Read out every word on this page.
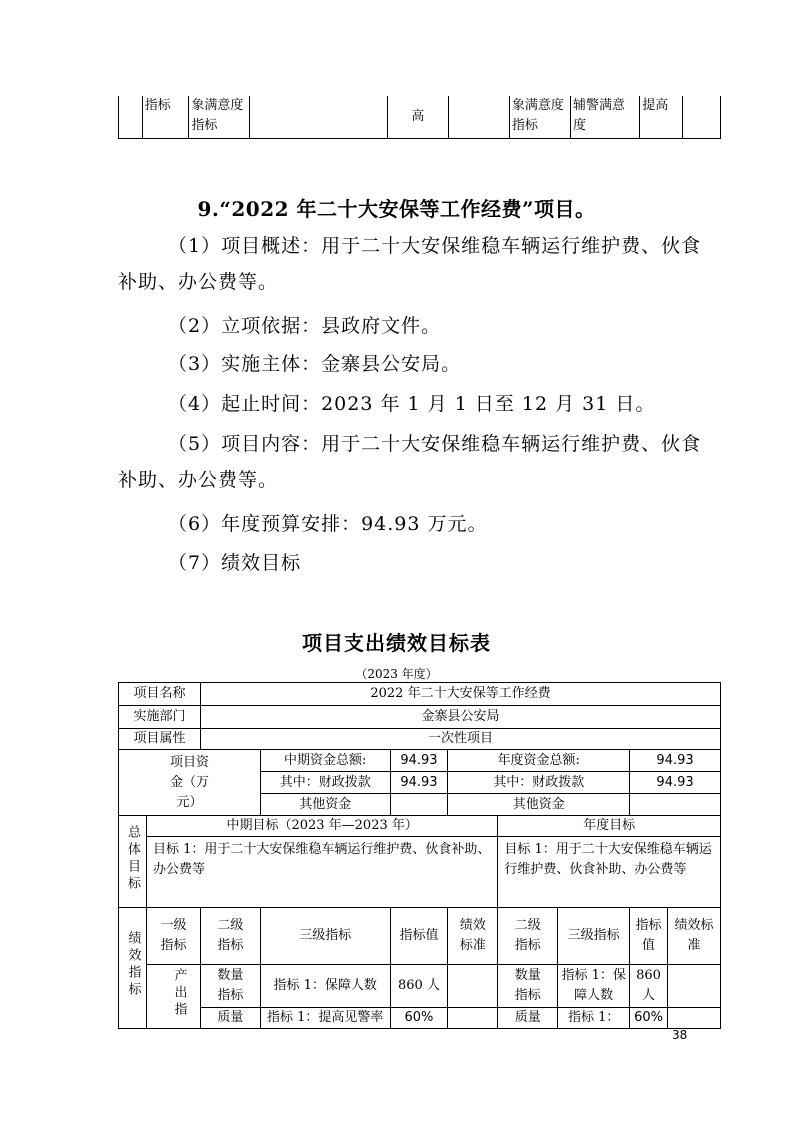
	指标	象满意度指标		高		象满意度指标	辅警满意度	提高	
9.“2022 年二十大安保等工作经费”项目。
（1）项目概述：用于二十大安保维稳车辆运行维护费、伙食补助、办公费等。
（2）立项依据：县政府文件。
（3）实施主体：金寨县公安局。
（4）起止时间：2023 年 1 月 1 日至 12 月 31 日。
（5）项目内容：用于二十大安保维稳车辆运行维护费、伙食补助、办公费等。
（6）年度预算安排：94.93 万元。
（7）绩效目标
项目支出绩效目标表
（2023 年度）
项目名称		2022 年二十大安保等工作经费							
实施部门		金寨县公安局							
项目属性		一次性项目							
项目资金（万元）			中期资金总额:	94.93	年度资金总额:			94.93	
			其中：财政拨款	94.93	其中：财政拨款			94.93	
			其他资金		其他资金				
总体目标	中期目标（2023 年—2023 年）					年度目标			
	目标 1：用于二十大安保维稳车辆运行维护费、伙食补助、办公费等					目标 1：用于二十大安保维稳车辆运行维护费、伙食补助、办公费等			
绩效指标	一级指标	二级指标	三级指标	指标值	绩效标准	二级指标	三级指标	指标值	绩效标准
	产出指	数量指标	指标 1：保障人数	860 人		数量指标	指标 1：保障人数	860 人	
		质量	指标 1：提高见警率	60%		质量	指标 1：	60%	
38
